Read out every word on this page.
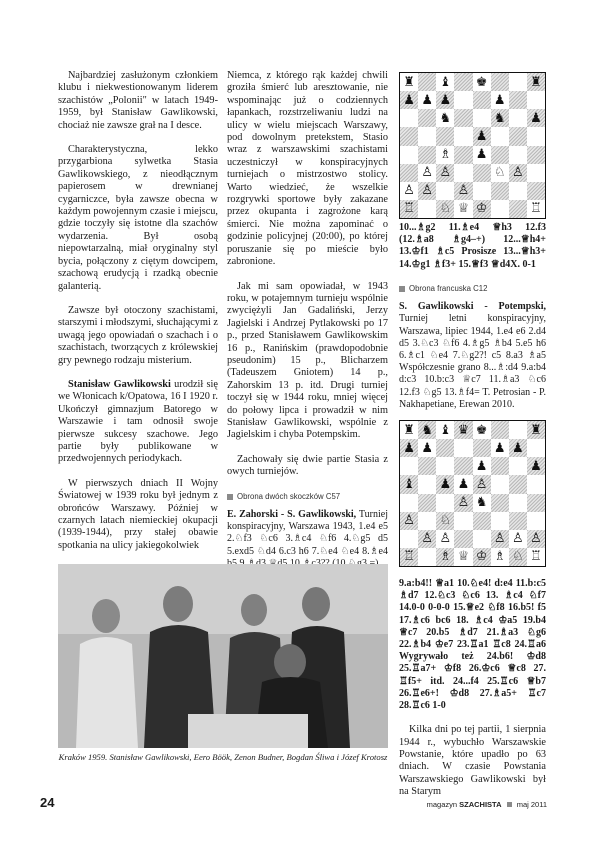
Najbardziej zasłużonym członkiem klubu i niekwestionowanym liderem szachistów „Polonii" w latach 1949-1959, był Stanisław Gawlikowski, chociaż nie zawsze grał na I desce.

Charakterystyczna, lekko przygarbiona sylwetka Stasia Gawlikowskiego, z nieodłącznym papierosem w drewnianej cygarniczce, była zawsze obecna w każdym powojennym czasie i miejscu, gdzie toczyły się istotne dla szachów wydarzenia. Był osobą niepowtarzalną, miał oryginalny styl bycia, połączony z ciętym dowcipem, szachową erudycją i rzadką obecnie galanterią.

Zawsze był otoczony szachistami, starszymi i młodszymi, słuchającymi z uwagą jego opowiadań o szachach i o szachistach, tworzących z królewskiej gry pewnego rodzaju misterium.

Stanisław Gawlikowski urodził się we Włonicach k/Opatowa, 16 I 1920 r. Ukończył gimnazjum Batorego w Warszawie i tam odnosił swoje pierwsze sukcesy szachowe. Jego partie były publikowane w przedwojennych periodykach.

W pierwszych dniach II Wojny Światowej w 1939 roku był jednym z obrońców Warszawy. Później w czarnych latach niemieckiej okupacji (1939-1944), przy stałej obawie spotkania na ulicy jakiegokolwiek

Niemca, z którego rąk każdej chwili groziła śmierć lub aresztowanie, nie wspominając już o codziennych łapankach, rozstrzeliwaniu ludzi na ulicy w wielu miejscach Warszawy, pod dowolnym pretekstem, Stasio wraz z warszawskimi szachistami uczestniczył w konspiracyjnych turniejach o mistrzostwo stolicy. Warto wiedzieć, że wszelkie rozgrywki sportowe były zakazane przez okupanta i zagrożone karą śmierci. Nie można zapominać o godzinie policyjnej (20:00), po której poruszanie się po mieście było zabronione.

Jak mi sam opowiadał, w 1943 roku, w potajemnym turnieju wspólnie zwyciężyli Jan Gadaliński, Jerzy Jagielski i Andrzej Pytlakowski po 17 p., przed Stanisławem Gawlikowskim 16 p., Ranińskim (prawdopodobnie pseudonim) 15 p., Blicharzem (Tadeuszem Gniotem) 14 p., Zahorskim 13 p. itd. Drugi turniej toczył się w 1944 roku, mniej więcej do połowy lipca i prowadził w nim Stanisław Gawlikowski, wspólnie z Jagielskim i chyba Potempskim.

Zachowały się dwie partie Stasia z owych turniejów.

Obrona dwóch skoczków C57

E. Zahorski - S. Gawlikowski, Turniej konspiracyjny, Warszawa 1943, 1.e4 e5 2.♘f3 ♘c6 3.♗c4 ♘f6 4.♘g5 d5 5.exd5 ♘d4 6.c3 h6 7.♘e4 ♘e4 8.♗e4

♜ ♝ ♚	♜
♟ ♟ ♟	♟
♞	♞ ♟
♟
♗ ♟
♙ ♙	♘ ♙
♙ ♙ ♙
♖ ♘ ♕ ♔	♖

10...♗g2 11.♗e4 ♕h3 12.f3 (12.♗a8 ♗g4–+) 12...♕h4+ 13.♔f1 ♗c5 Prosisze 13...♕h3+ 14.♔g1 ♗f3+ 15.♕f3 ♕d4X. 0-1

Obrona francuska C12

S. Gawlikowski - Potempski, Turniej letni konspiracyjny, Warszawa, lipiec 1944, 1.e4 e6 2.d4 d5 3.♘c3 ♘f6 4.♗g5 ♗b4 5.e5 h6 6.♗c1 ♘e4 7.♘g2?! c5 8.a3 ♗a5 Współczesnie grano 8...♗:d4 9.a:b4 d:c3 10.b:c3 ♕c7 11.♗a3 ♘c6 12.f3 ♘g5 13.♗f4= T. Petrosian - P. Nakhapetiane, Erewan 2010.

♜ ♞ ♝ ♛ ♚	♜
♟ ♟	♟ ♟
♟	♟
♝ ♟ ♟ ♙
♙ ♞
♙ ♘
♙ ♙	♙ ♙ ♙
♖ ♗ ♕ ♔ ♗ ♘ ♖

9.a:b4!! ♕a1 10.♘e4! d:e4 11.b:c5 ♗d7 12.♘c3 ♘c6 13. ♗c4 ♘f7 14.0-0 0-0-0 15.♕e2 ♘f8 16.b5! f5 17.♗c6 bc6 18. ♗c4 ♔a5 19.b4 ♕c7 20.b5 ♗d7 21.♗a3 ♘g6 22.♗b4 ♔e7 23.♖a1 ♖c8 24.♖a6 Wygrywało też 24.b6! ♔d8 25.♖a7+ ♔f8 26.♔c6 ♕c8 27. ♖f5+ itd. 24...f4 25.♖c6 ♕b7 26.♖e6+! ♔d8 27.♗a5+ ♖c7 28.♖c6 1-0

Kilka dni po tej partii, 1 sierpnia 1944 r., wybuchło Warszawskie Powstanie, które upadło po 63 dniach. W czasie Powstania Warszawskiego Gawlikowski był na Starym

Kraków 1959. Stanisław Gawlikowski, Eero Böök, Zenon Budner, Bogdan Śliwa i Józef Krotosz
24	magazyn SZACHISTA maj 2011
